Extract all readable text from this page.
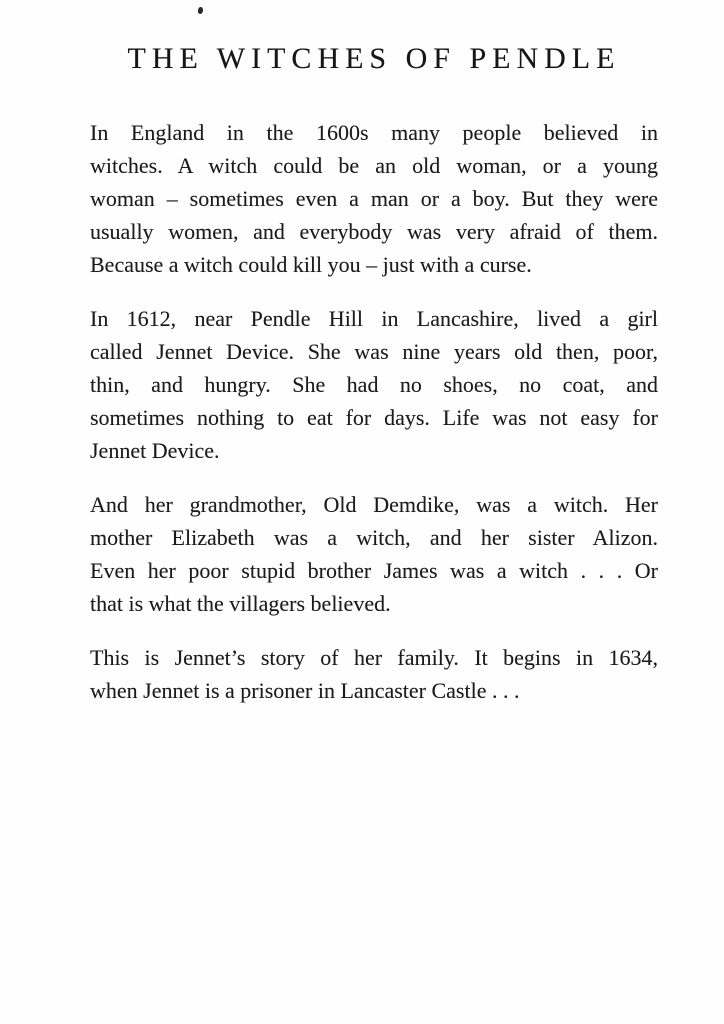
THE WITCHES OF PENDLE

In England in the 1600s many people believed in
witches. A witch could be an old woman, or a young
woman – sometimes even a man or a boy. But they were
usually women, and everybody was very afraid of them.
Because a witch could kill you – just with a curse.

In 1612, near Pendle Hill in Lancashire, lived a girl
called Jennet Device. She was nine years old then, poor,
thin, and hungry. She had no shoes, no coat, and
sometimes nothing to eat for days. Life was not easy for
Jennet Device.

And her grandmother, Old Demdike, was a witch. Her
mother Elizabeth was a witch, and her sister Alizon.
Even her poor stupid brother James was a witch . . . Or
that is what the villagers believed.

This is Jennet’s story of her family. It begins in 1634,
when Jennet is a prisoner in Lancaster Castle . . .
